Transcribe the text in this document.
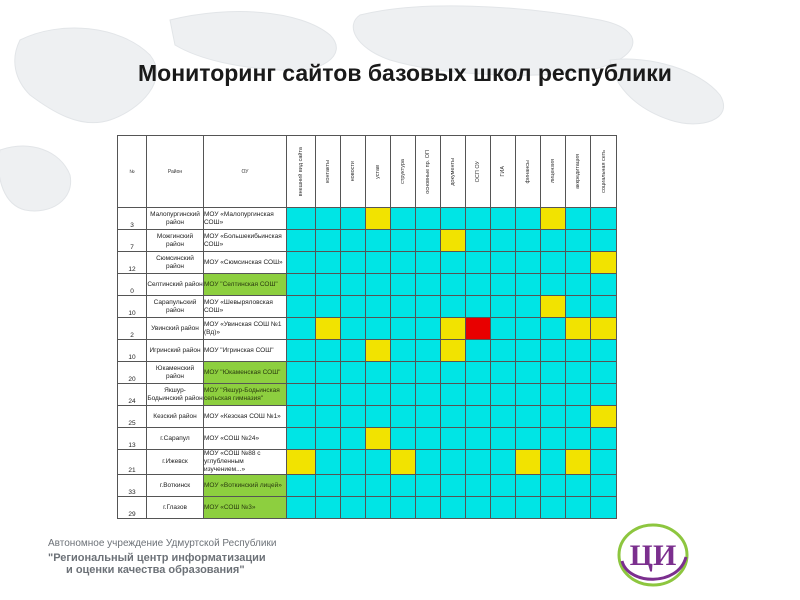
Мониторинг сайтов базовых школ республики
№	Район	ОУ	внешний вид сайта	контакты	новости	устав	структура	основные пр. ОП	документы	ОСП ОУ	ГИА	финансы	лицензия	аккредитация	социальная сеть

3	Малопургинский район	МОУ «Малопургинская СОШ»													
7	Можгинский район	МОУ «Большекибьинская СОШ»													
12	Сюмсинский район	МОУ «Сюмсинская СОШ»													
0	Селтинский район	МОУ "Селтинская СОШ"													
10	Сарапульский район	МОУ «Шевыряловская СОШ»													
2	Увинский район	МОУ «Увинская СОШ №1 (Вд)»													
10	Игринский район	МОУ "Игринская СОШ"													
20	Юкаменский район	МОУ "Юкаменская СОШ"													
24	Якшур-Бодьинский район	МОУ "Якшур-Бодьинская сельская гимназия"													
25	Кезский район	МОУ «Кезская СОШ №1»													
13	г.Сарапул	МОУ «СОШ №24»													
21	г.Ижевск	МОУ «СОШ №88 с углубленным изучением...»													
33	г.Воткинск	МОУ «Воткинский лицей»													
29	г.Глазов	МОУ «СОШ №3»													
Автономное учреждение Удмуртской Республики
"Региональный центр информатизации
и оценки качества образования"	ЦИ
